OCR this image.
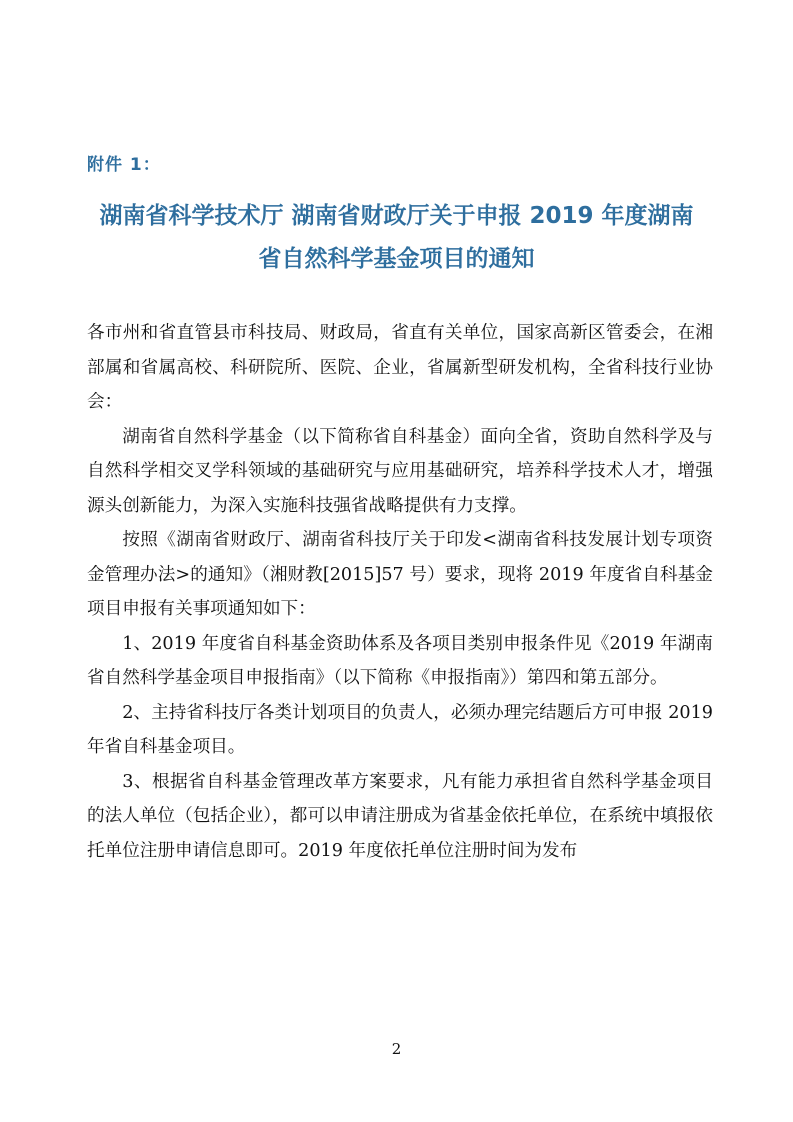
附件 1：
湖南省科学技术厅 湖南省财政厅关于申报 2019 年度湖南
省自然科学基金项目的通知

各市州和省直管县市科技局、财政局，省直有关单位，国家高新区管委会，在湘部属和省属高校、科研院所、医院、企业，省属新型研发机构，全省科技行业协会：

湖南省自然科学基金（以下简称省自科基金）面向全省，资助自然科学及与自然科学相交叉学科领域的基础研究与应用基础研究，培养科学技术人才，增强源头创新能力，为深入实施科技强省战略提供有力支撑。

按照《湖南省财政厅、湖南省科技厅关于印发<湖南省科技发展计划专项资金管理办法>的通知》（湘财教[2015]57 号）要求，现将 2019 年度省自科基金项目申报有关事项通知如下：

1、2019 年度省自科基金资助体系及各项目类别申报条件见《2019 年湖南省自然科学基金项目申报指南》（以下简称《申报指南》）第四和第五部分。

2、主持省科技厅各类计划项目的负责人，必须办理完结题后方可申报 2019 年省自科基金项目。

3、根据省自科基金管理改革方案要求，凡有能力承担省自然科学基金项目的法人单位（包括企业），都可以申请注册成为省基金依托单位，在系统中填报依托单位注册申请信息即可。2019 年度依托单位注册时间为发布

2
